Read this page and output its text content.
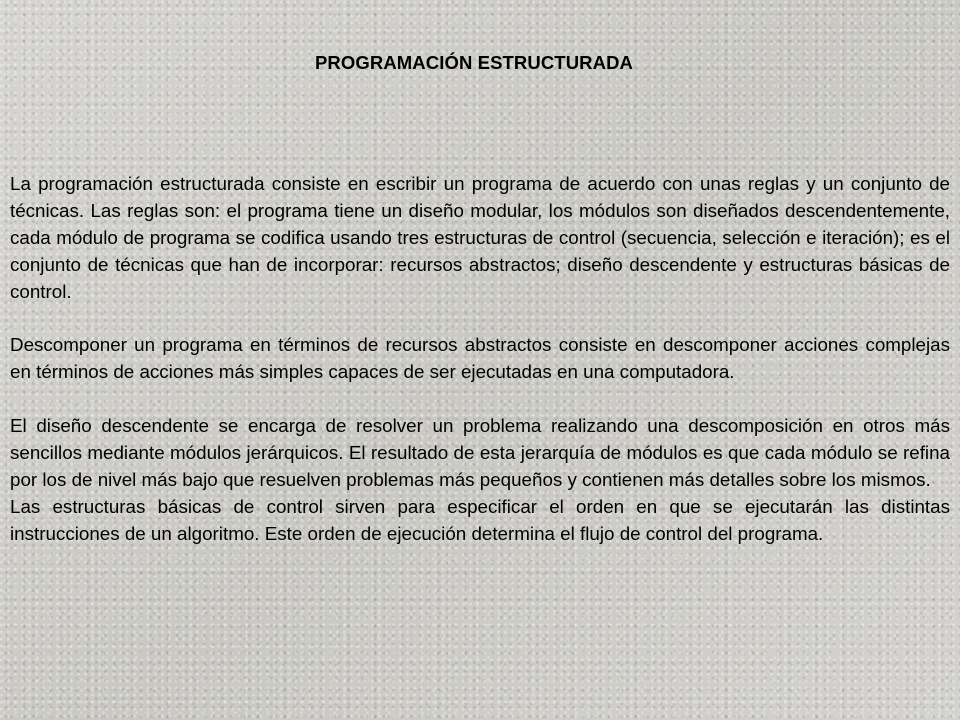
PROGRAMACIÓN ESTRUCTURADA

La programación estructurada consiste en escribir un programa de acuerdo con unas reglas y un conjunto de técnicas. Las reglas son: el programa tiene un diseño modular, los módulos son diseñados descendentemente, cada módulo de programa se codifica usando tres estructuras de control (secuencia, selección e iteración); es el conjunto de técnicas que han de incorporar: recursos abstractos; diseño descendente y estructuras básicas de control.

Descomponer un programa en términos de recursos abstractos consiste en descomponer acciones complejas en términos de acciones más simples capaces de ser ejecutadas en una computadora.

El diseño descendente se encarga de resolver un problema realizando una descomposición en otros más sencillos mediante módulos jerárquicos. El resultado de esta jerarquía de módulos es que cada módulo se refina por los de nivel más bajo que resuelven problemas más pequeños y contienen más detalles sobre los mismos.

Las estructuras básicas de control sirven para especificar el orden en que se ejecutarán las distintas instrucciones de un algoritmo. Este orden de ejecución determina el flujo de control del programa.
